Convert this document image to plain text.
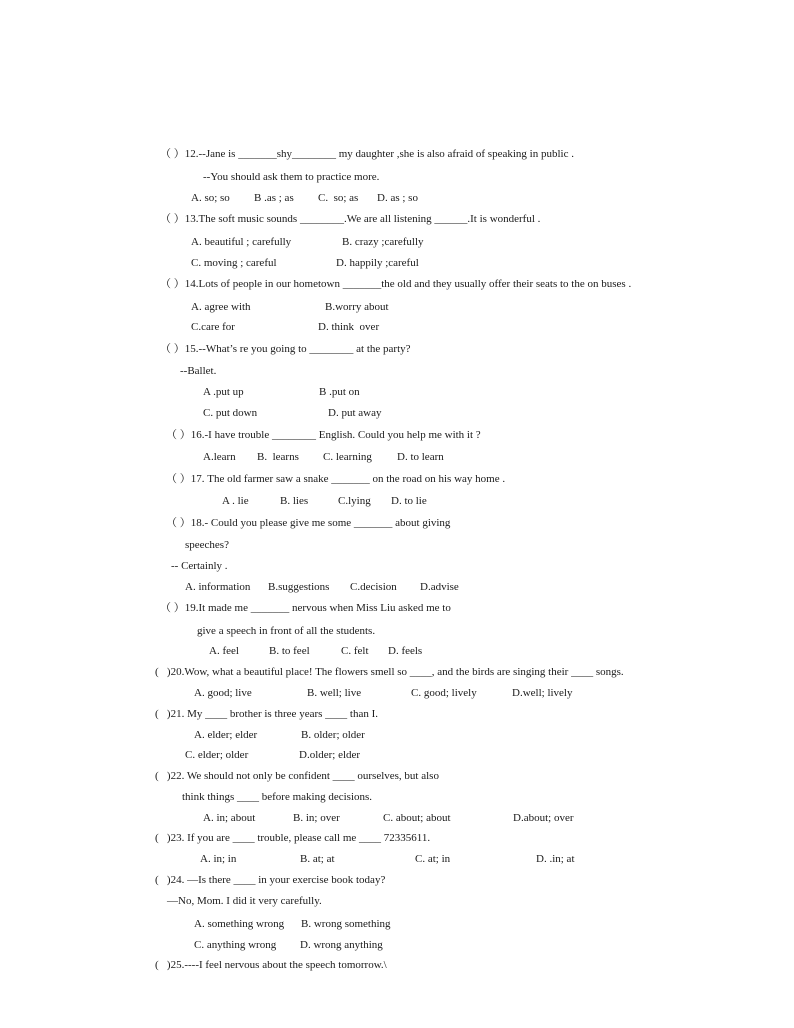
（ ）12.--Jane is _______shy________ my daughter ,she is also afraid of speaking in public .
--You should ask them to practice more.
A. so; so B .as ; as C.  so; as D. as ; so
（ ）13.The soft music sounds ________.We are all listening ______.It is wonderful .
A. beautiful ; carefully	B. crazy ;carefully
C. moving ; careful	D. happily ;careful
（ ）14.Lots of people in our hometown _______the old and they usually offer their seats to the on buses .
A. agree with	B.worry about
C.care for	D. think  over
（ ）15.--What’s re you going to ________ at the party?
--Ballet.
A .put up	B .put on
C. put down	D. put away
（ ）16.-I have trouble ________ English. Could you help me with it ?
A.learn B.  learns C. learning D. to learn
（ ）17. The old farmer saw a snake _______ on the road on his way home .
A . lie	B. lies	C.lying D. to lie
（ ）18.- Could you please give me some _______ about giving
speeches?
-- Certainly .
A. information B.suggestions C.decision D.advise
（ ）19.It made me _______ nervous when Miss Liu asked me to
give a speech in front of all the students.
A. feel	B. to feel	C. felt D. feels
(   )20.Wow, what a beautiful place! The flowers smell so ____, and the birds are singing their ____ songs.
A. good; live	B. well; live	C. good; lively	D.well; lively
(   )21. My ____ brother is three years ____ than I.
A. elder; elder	B. older; older
C. elder; older	D.older; elder
(   )22. We should not only be confident ____ ourselves, but also
think things ____ before making decisions.
A. in; about	B. in; over	C. about; about	D.about; over
(   )23. If you are ____ trouble, please call me ____ 72335611.
A. in; in	B. at; at	C. at; in	D. .in; at
(   )24. —Is there ____ in your exercise book today?
—No, Mom. I did it very carefully.
A. something wrong B. wrong something
C. anything wrong D. wrong anything
(   )25.----I feel nervous about the speech tomorrow.\
